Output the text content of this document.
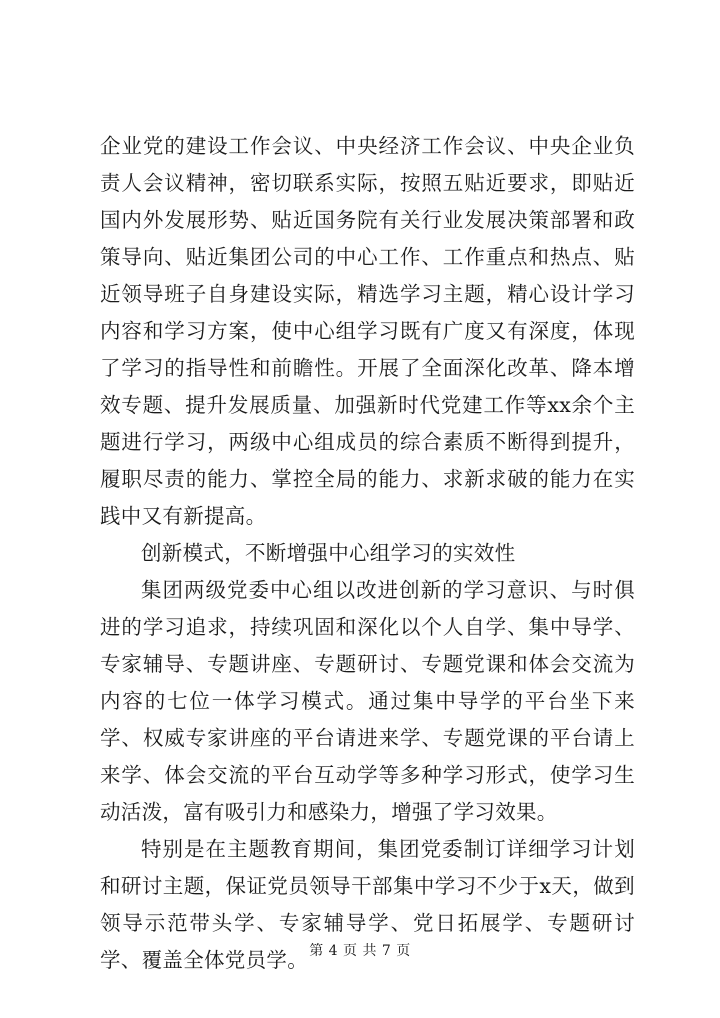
企业党的建设工作会议、中央经济工作会议、中央企业负责人会议精神，密切联系实际，按照五贴近要求，即贴近国内外发展形势、贴近国务院有关行业发展决策部署和政策导向、贴近集团公司的中心工作、工作重点和热点、贴近领导班子自身建设实际，精选学习主题，精心设计学习内容和学习方案，使中心组学习既有广度又有深度，体现了学习的指导性和前瞻性。开展了全面深化改革、降本增效专题、提升发展质量、加强新时代党建工作等xx余个主题进行学习，两级中心组成员的综合素质不断得到提升，履职尽责的能力、掌控全局的能力、求新求破的能力在实践中又有新提高。

创新模式，不断增强中心组学习的实效性

集团两级党委中心组以改进创新的学习意识、与时俱进的学习追求，持续巩固和深化以个人自学、集中导学、专家辅导、专题讲座、专题研讨、专题党课和体会交流为内容的七位一体学习模式。通过集中导学的平台坐下来学、权威专家讲座的平台请进来学、专题党课的平台请上来学、体会交流的平台互动学等多种学习形式，使学习生动活泼，富有吸引力和感染力，增强了学习效果。

特别是在主题教育期间，集团党委制订详细学习计划和研讨主题，保证党员领导干部集中学习不少于x天，做到领导示范带头学、专家辅导学、党日拓展学、专题研讨学、覆盖全体党员学。 第 4 页 共 7 页
